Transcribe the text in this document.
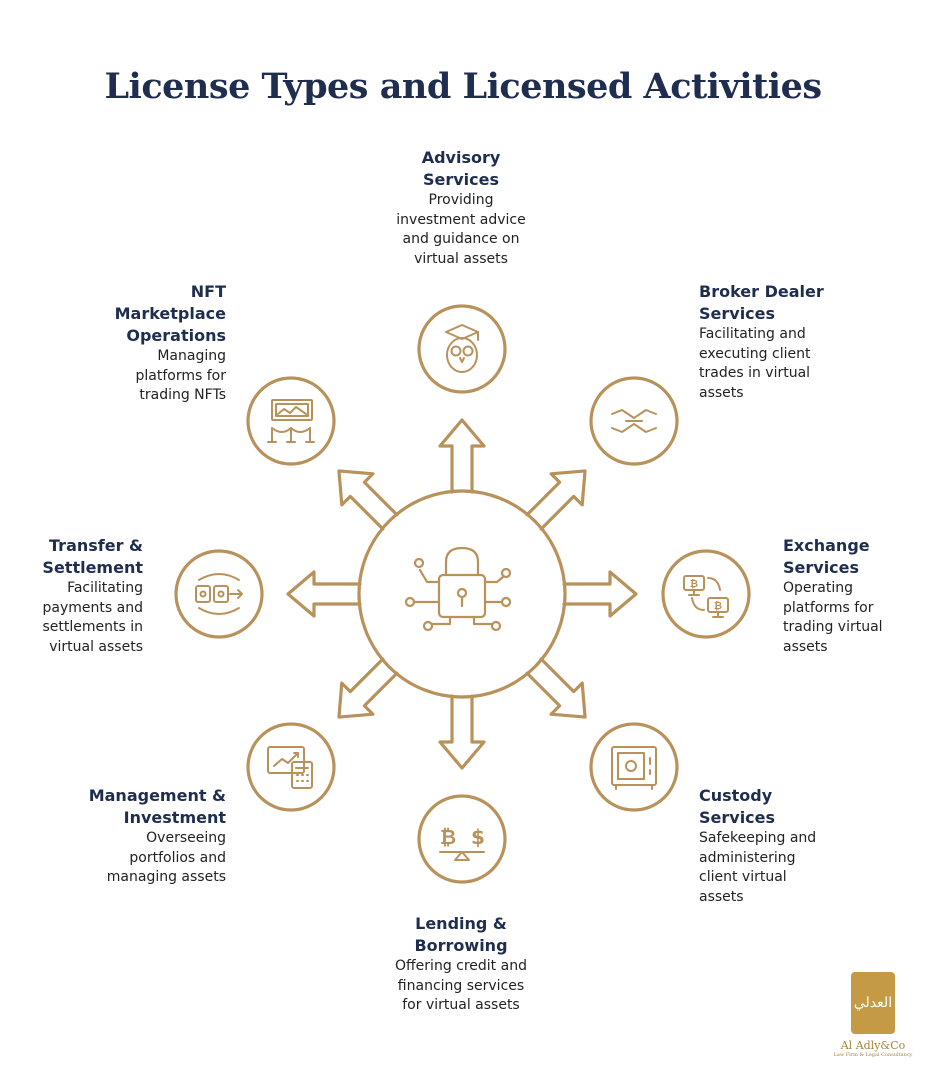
License Types and Licensed Activities
₿ $
₿
₿
Advisory Services
Providing investment advice and guidance on virtual assets
Broker Dealer Services
Facilitating and executing client trades in virtual assets
Exchange Services
Operating platforms for trading virtual assets
Custody Services
Safekeeping and administering client virtual assets
Lending & Borrowing
Offering credit and financing services for virtual assets
Management & Investment
Overseeing portfolios and managing assets
Transfer & Settlement
Facilitating payments and settlements in virtual assets
NFT Marketplace Operations
Managing platforms for trading NFTs
العدلي
Al Adly&Co
Law Firm & Legal Consultancy
